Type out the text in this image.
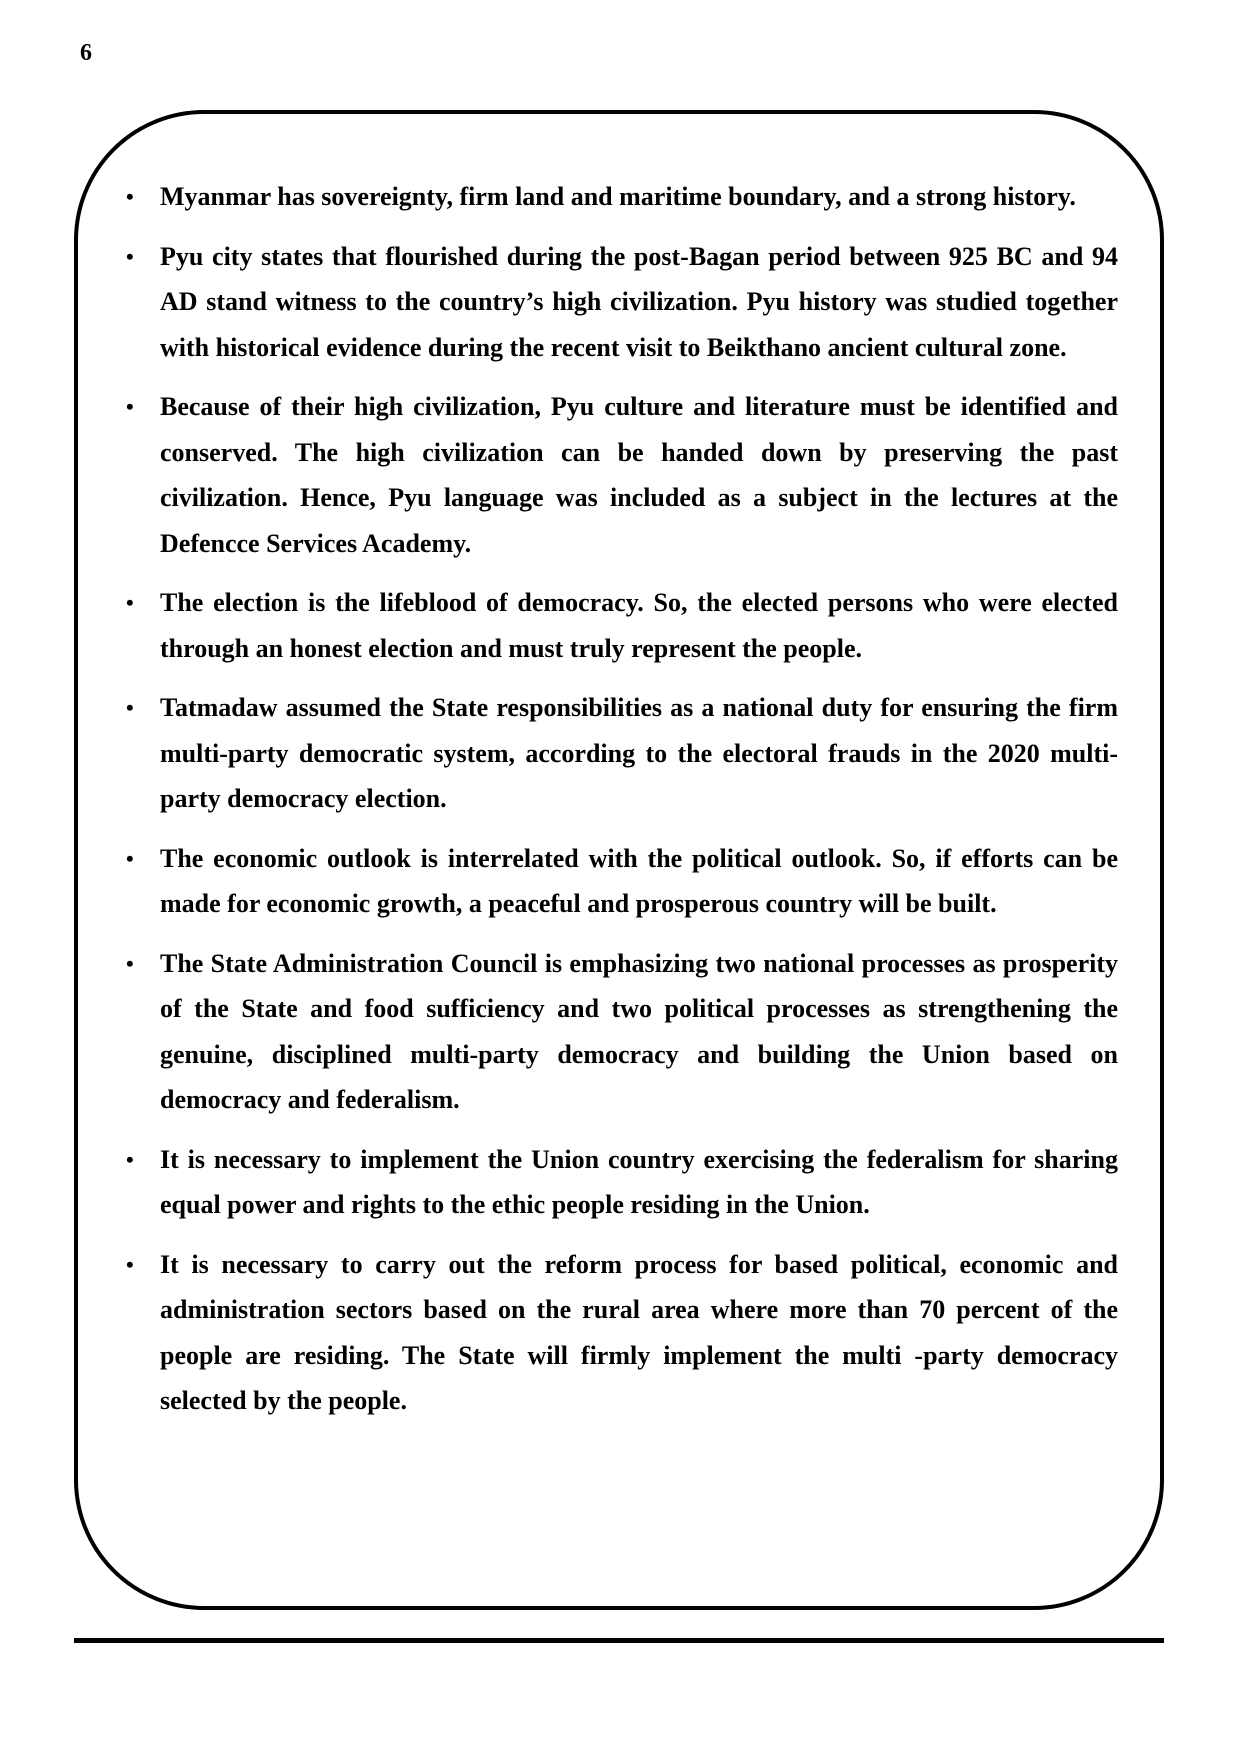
6
• Myanmar has sovereignty, firm land and maritime boundary, and a strong history.
• Pyu city states that flourished during the post-Bagan period between 925 BC and 94 AD stand witness to the country’s high civilization. Pyu history was studied together with historical evidence during the recent visit to Beikthano ancient cultural zone.
• Because of their high civilization, Pyu culture and literature must be identified and conserved. The high civilization can be handed down by preserving the past civilization. Hence, Pyu language was included as a subject in the lectures at the Defencce Services Academy.
• The election is the lifeblood of democracy. So, the elected persons who were elected through an honest election and must truly represent the people.
• Tatmadaw assumed the State responsibilities as a national duty for ensuring the firm multi-party democratic system, according to the electoral frauds in the 2020 multi-party democracy election.
• The economic outlook is interrelated with the political outlook. So, if efforts can be made for economic growth, a peaceful and prosperous country will be built.
• The State Administration Council is emphasizing two national processes as prosperity of the State and food sufficiency and two political processes as strengthening the genuine, disciplined multi-party democracy and building the Union based on democracy and federalism.
• It is necessary to implement the Union country exercising the federalism for sharing equal power and rights to the ethic people residing in the Union.
• It is necessary to carry out the reform process for based political, economic and administration sectors based on the rural area where more than 70 percent of the people are residing. The State will firmly implement the multi -party democracy selected by the people.
